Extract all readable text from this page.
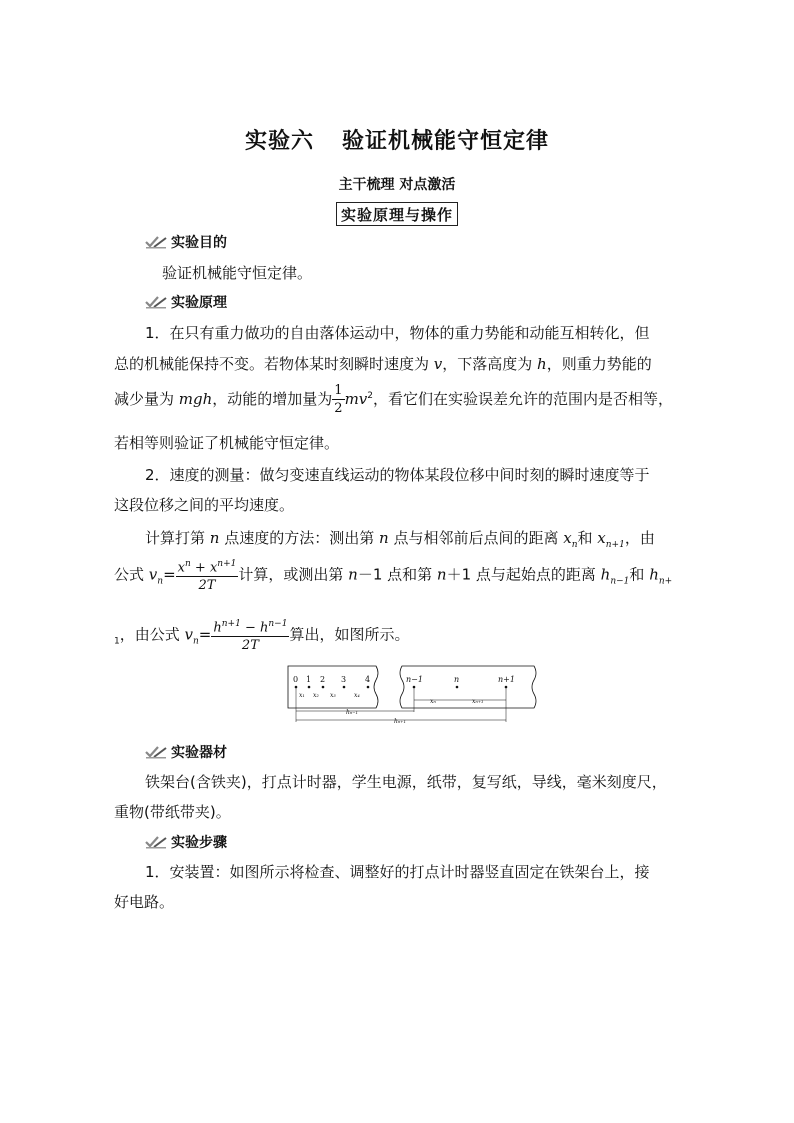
实验六 验证机械能守恒定律
主干梳理 对点激活
实验原理与操作
实验目的
验证机械能守恒定律。
实验原理
1．在只有重力做功的自由落体运动中，物体的重力势能和动能互相转化，但
总的机械能保持不变。若物体某时刻瞬时速度为 v，下落高度为 h，则重力势能的
减少量为 mgh，动能的增加量为 $\frac{1}{2} mv^2$，看它们在实验误差允许的范围内是否相等，
若相等则验证了机械能守恒定律。
2．速度的测量：做匀变速直线运动的物体某段位移中间时刻的瞬时速度等于
这段位移之间的平均速度。
计算打第 n 点速度的方法：测出第 n 点与相邻前后点间的距离 $x_n$和 $x_{n+1}$，由
公式 $v_n= \frac{x^n + x^{n+1}}{2T}$ 计算，或测出第 n－1 点和第 n＋1 点与起始点的距离 $h_{n-1}$和 $h_{n+}$
$_1$，由公式 $v_n= \frac{h^{n+1} - h^{n-1}}{2T}$ 算出，如图所示。
0 1 2 3 4
x₁ x₂ x₃	x₄
n−1	n	n+1
xₙ	xₙ₊₁
hₙ₋₁
hₙ₊₁
实验器材
铁架台(含铁夹)，打点计时器，学生电源，纸带，复写纸，导线，毫米刻度尺，
重物(带纸带夹)。
实验步骤
1．安装置：如图所示将检查、调整好的打点计时器竖直固定在铁架台上，接
好电路。
